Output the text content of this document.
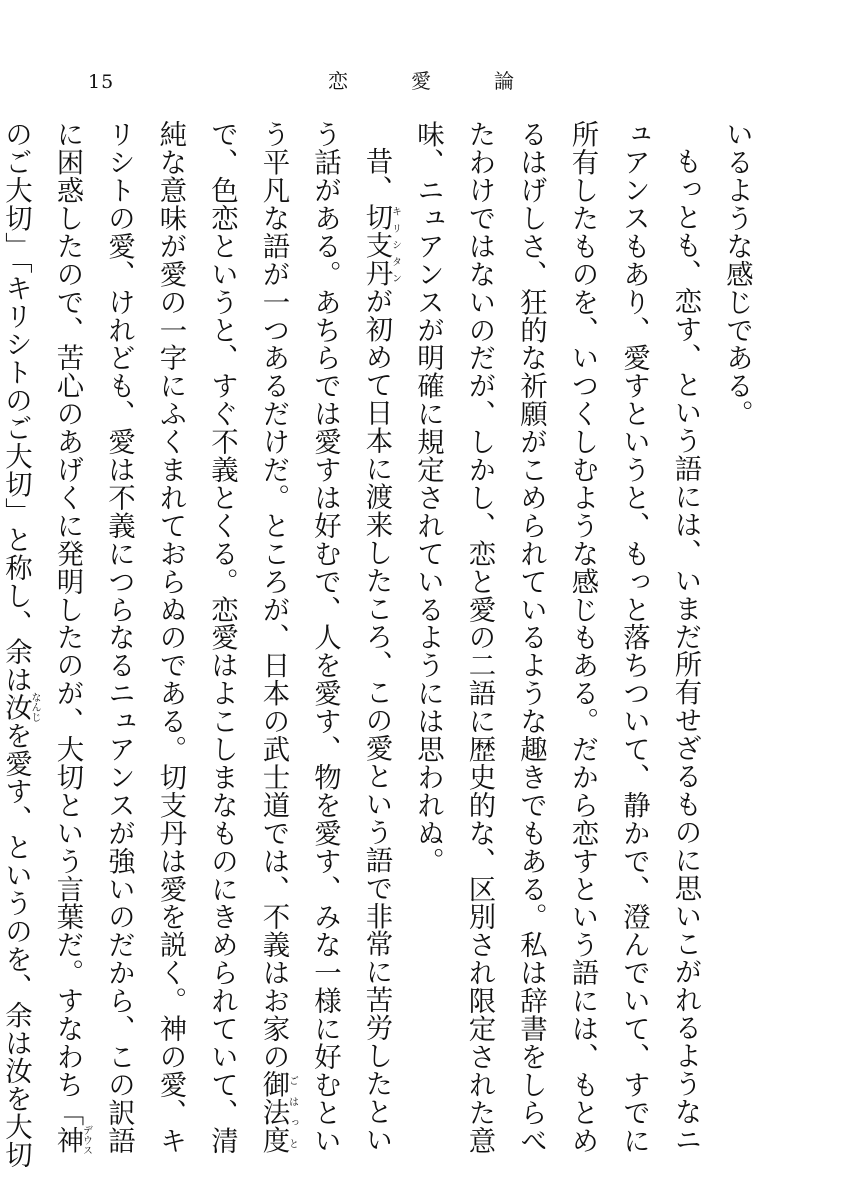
15	恋	愛	論

いるような感じである。

もっとも、恋す、という語には、いまだ所有せざるものに思いこがれるようなニュアンスもあり、愛すというと、もっと落ちついて、静かで、澄んでいて、すでに所有したものを、いつくしむような感じもある。だから恋すという語には、もとめるはげしさ、狂的な祈願がこめられているような趣きでもある。私は辞書をしらべたわけではないのだが、しかし、恋と愛の二語に歴史的な、区別され限定された意味、ニュアンスが明確に規定されているようには思われぬ。

昔、切支丹キリシタンが初めて日本に渡来したころ、この愛という語で非常に苦労したという話がある。あちらでは愛すは好むで、人を愛す、物を愛す、みな一様に好むという平凡な語が一つあるだけだ。ところが、日本の武士道では、不義はお家の御法度ごはっとで、色恋というと、すぐ不義とくる。恋愛はよこしまなものにきめられていて、清純な意味が愛の一字にふくまれておらぬのである。切支丹は愛を説く。神の愛、キリシトの愛、けれども、愛は不義につらなるニュアンスが強いのだから、この訳語に困惑したので、苦心のあげくに発明したのが、大切という言葉だ。すなわち「神デウスのご大切」「キリシトのご大切」と称し、余は汝なんじを愛す、というのを、余は汝を大切
